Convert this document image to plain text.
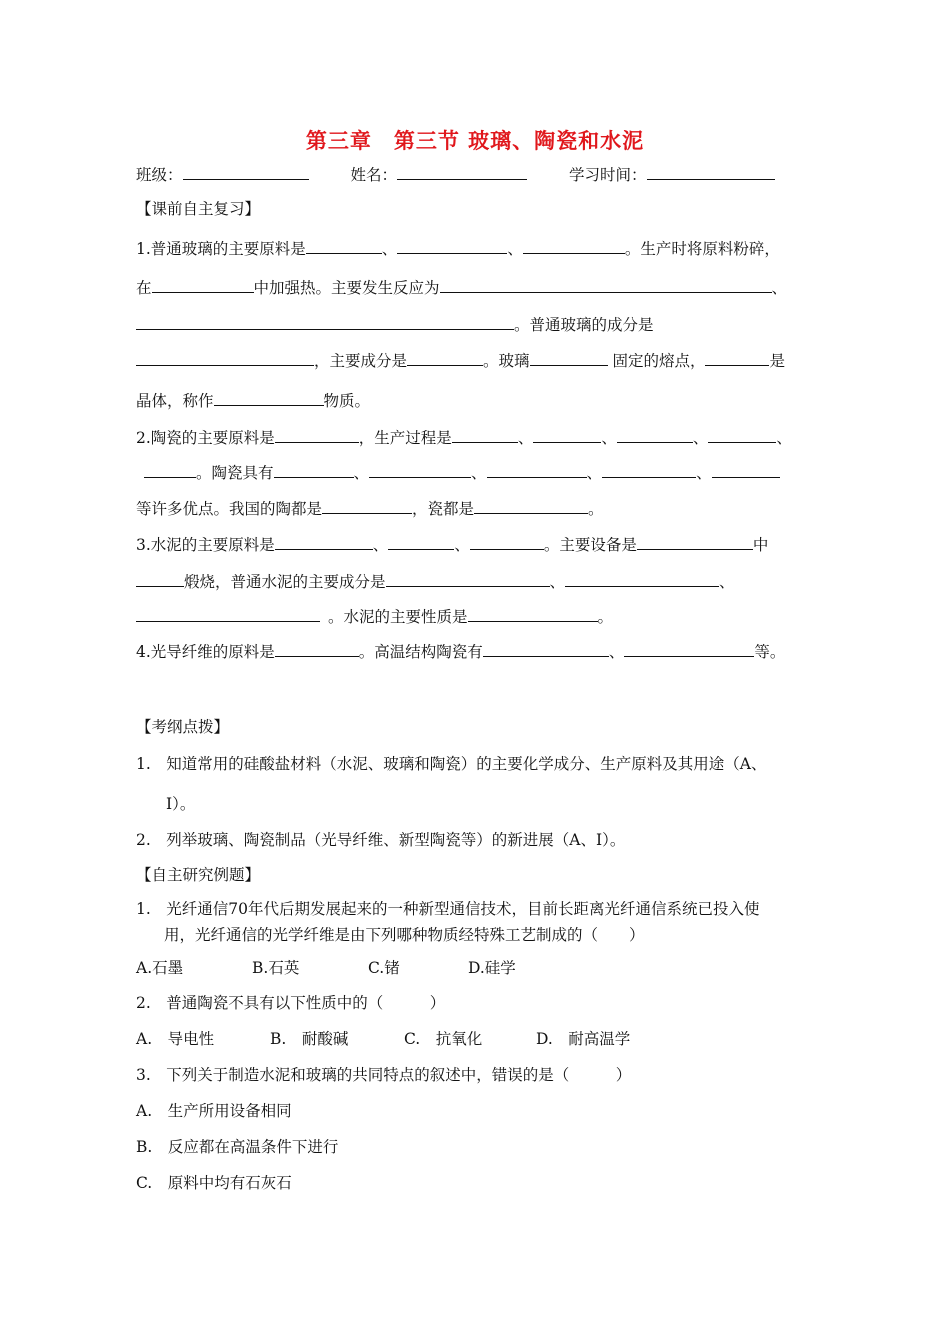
第三章　第三节 玻璃、陶瓷和水泥
班级：	姓名：	学习时间：
【课前自主复习】
1.普通玻璃的主要原料是	、	、	。生产时将原料粉碎，
在	中加强热。主要发生反应为	、
。普通玻璃的成分是
，主要成分是	。玻璃	固定的熔点，	是
晶体，称作	物质。
2.陶瓷的主要原料是	，生产过程是	、	、	、	、
。陶瓷具有	、	、	、	、
等许多优点。我国的陶都是	，瓷都是	。
3.水泥的主要原料是	、	、	。主要设备是	中
煅烧，普通水泥的主要成分是	、	、
。水泥的主要性质是	。
4.光导纤维的原料是	。高温结构陶瓷有	、	等。
【考纲点拨】
1.　知道常用的硅酸盐材料（水泥、玻璃和陶瓷）的主要化学成分、生产原料及其用途（A、
Ⅰ）。
2.　列举玻璃、陶瓷制品（光导纤维、新型陶瓷等）的新进展（A、Ⅰ）。
【自主研究例题】
1.　光纤通信70年代后期发展起来的一种新型通信技术，目前长距离光纤通信系统已投入使
用，光纤通信的光学纤维是由下列哪种物质经特殊工艺制成的（　　）
A.石墨	B.石英	C.锗	D.硅学
2.　普通陶瓷不具有以下性质中的（　　　）
A.　导电性	B.　耐酸碱	C.　抗氧化	D.　耐高温学
3.　下列关于制造水泥和玻璃的共同特点的叙述中，错误的是（　　　）
A.　生产所用设备相同
B.　反应都在高温条件下进行
C.　原料中均有石灰石
